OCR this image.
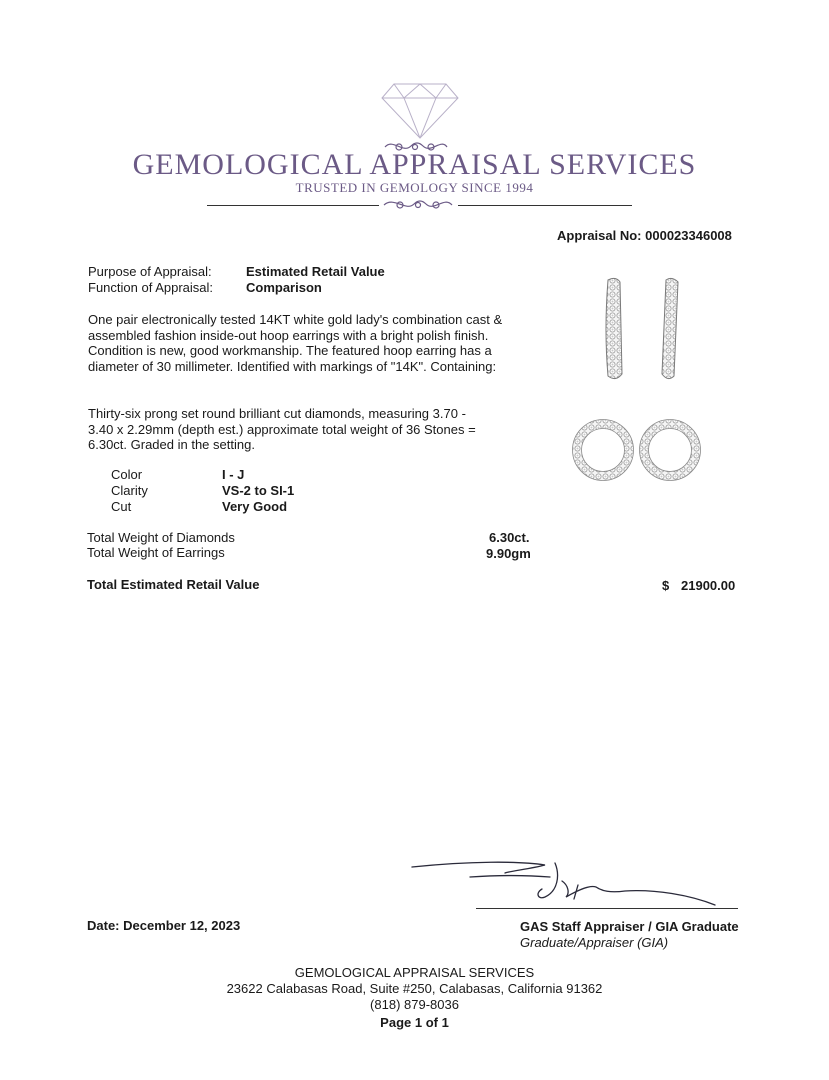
GEMOLOGICAL APPRAISAL SERVICES
TRUSTED IN GEMOLOGY SINCE 1994
Appraisal No: 000023346008
Purpose of Appraisal:	Estimated Retail Value
Function of Appraisal:	Comparison
One pair electronically tested 14KT white gold lady's combination cast & assembled fashion inside-out hoop earrings with a bright polish finish. Condition is new, good workmanship. The featured hoop earring has a diameter of 30 millimeter. Identified with markings of "14K". Containing:
Thirty-six prong set round brilliant cut diamonds, measuring 3.70 - 3.40 x 2.29mm (depth est.) approximate total weight of 36 Stones = 6.30ct. Graded in the setting.
Color	I - J
Clarity	VS-2 to SI-1
Cut	Very Good
Total Weight of Diamonds	6.30ct.
Total Weight of Earrings	9.90gm
Total Estimated Retail Value	$ 21900.00
Date: December 12, 2023	GAS Staff Appraiser / GIA Graduate
Graduate/Appraiser (GIA)
GEMOLOGICAL APPRAISAL SERVICES
23622 Calabasas Road, Suite #250, Calabasas, California 91362
(818) 879-8036
Page 1 of 1
